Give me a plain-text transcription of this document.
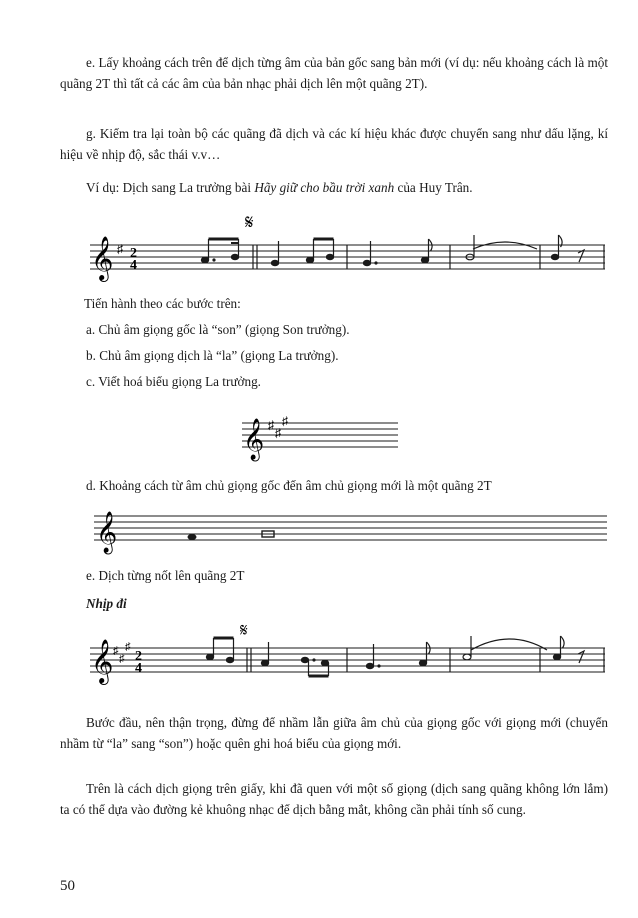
e. Lấy khoảng cách trên để dịch từng âm của bản gốc sang bản mới (ví dụ: nếu khoảng cách là một quãng 2T thì tất cả các âm của bản nhạc phải dịch lên một quãng 2T).
g. Kiểm tra lại toàn bộ các quãng đã dịch và các kí hiệu khác được chuyển sang như dấu lặng, kí hiệu về nhịp độ, sắc thái v.v…
Ví dụ: Dịch sang La trưởng bài Hãy giữ cho bầu trời xanh của Huy Trân.
𝄞 ♯ 2
4
𝄋
Tiến hành theo các bước trên:
a. Chủ âm giọng gốc là “son” (giọng Son trưởng).
b. Chủ âm giọng dịch là “la” (giọng La trưởng).
c. Viết hoá biểu giọng La trưởng.
𝄞 ♯
♯
♯
d. Khoảng cách từ âm chủ giọng gốc đến âm chủ giọng mới là một quãng 2T
𝄞
e. Dịch từng nốt lên quãng 2T
Nhịp đi
𝄞 ♯
♯
♯
2
4
𝄋
Bước đầu, nên thận trọng, đừng để nhầm lẫn giữa âm chủ của giọng gốc với giọng mới (chuyển nhầm từ “la” sang “son”) hoặc quên ghi hoá biểu của giọng mới.
Trên là cách dịch giọng trên giấy, khi đã quen với một số giọng (dịch sang quãng không lớn lắm) ta có thể dựa vào đường kẻ khuông nhạc để dịch bằng mắt, không cần phải tính số cung.
50
